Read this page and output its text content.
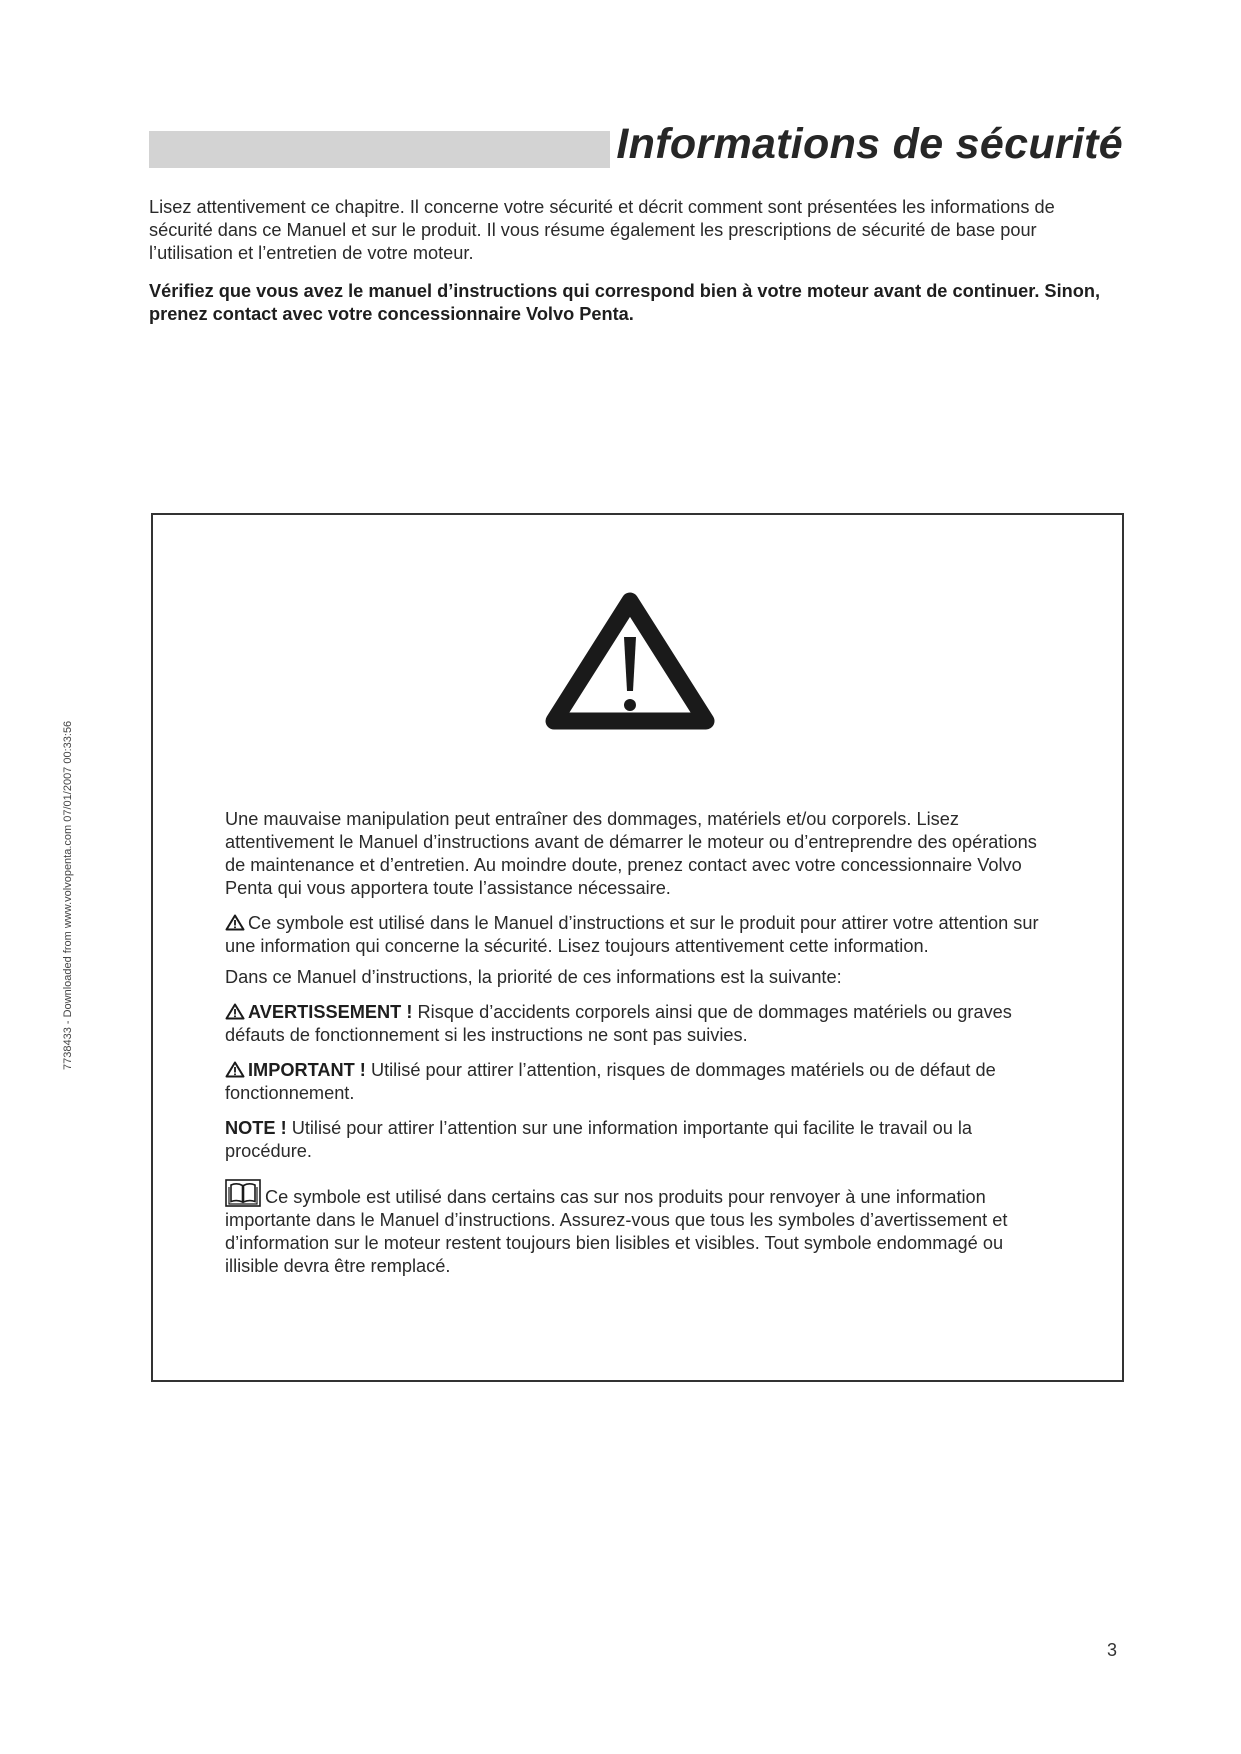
Informations de sécurité

Lisez attentivement ce chapitre. Il concerne votre sécurité et décrit comment sont présentées les informations de sécurité dans ce Manuel et sur le produit. Il vous résume également les prescriptions de sécurité de base pour l’utilisation et l’entretien de votre moteur.

Vérifiez que vous avez le manuel d’instructions qui correspond bien à votre moteur avant de continuer. Sinon, prenez contact avec votre concessionnaire Volvo Penta.

Une mauvaise manipulation peut entraîner des dommages, matériels et/ou corporels. Lisez attentivement le Manuel d’instructions avant de démarrer le moteur ou d’entreprendre des opérations de maintenance et d’entretien. Au moindre doute, prenez contact avec votre concessionnaire Volvo Penta qui vous apportera toute l’assistance nécessaire.

Ce symbole est utilisé dans le Manuel d’instructions et sur le produit pour attirer votre attention sur une information qui concerne la sécurité. Lisez toujours attentivement cette information.

Dans ce Manuel d’instructions, la priorité de ces informations est la suivante:

AVERTISSEMENT ! Risque d’accidents corporels ainsi que de dommages matériels ou graves défauts de fonctionnement si les instructions ne sont pas suivies.

IMPORTANT ! Utilisé pour attirer l’attention, risques de dommages matériels ou de défaut de fonctionnement.

NOTE ! Utilisé pour attirer l’attention sur une information importante qui facilite le travail ou la procédure.

Ce symbole est utilisé dans certains cas sur nos produits pour renvoyer à une information importante dans le Manuel d’instructions. Assurez-vous que tous les symboles d’avertissement et d’information sur le moteur restent toujours bien lisibles et visibles. Tout symbole endommagé ou illisible devra être remplacé.

7738433 - Downloaded from www.volvopenta.com 07/01/2007 00:33:56
3
